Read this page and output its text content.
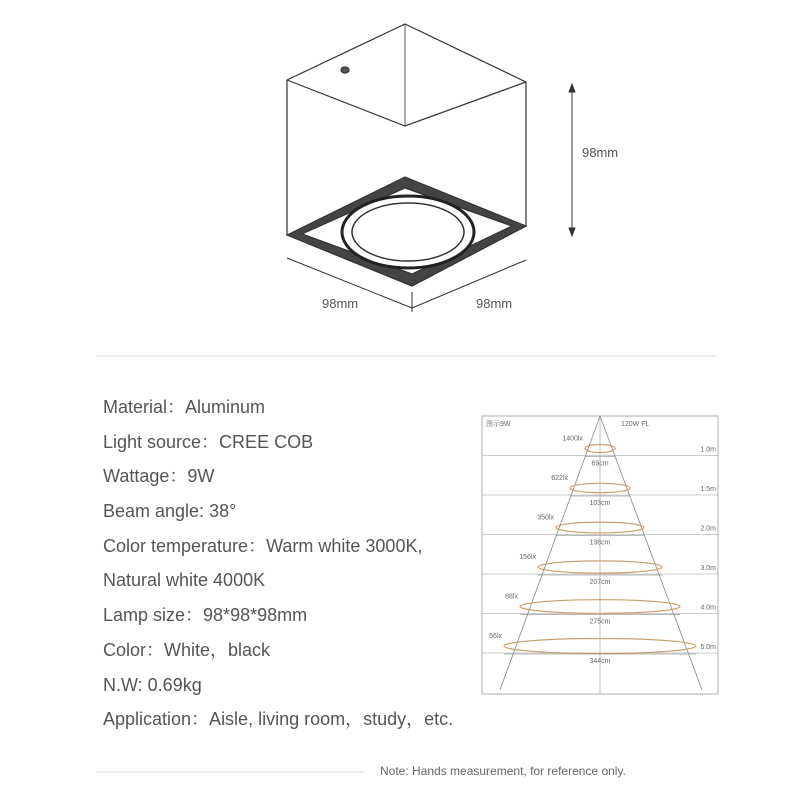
98mm
98mm	98mm
图示9W	120W FL
1.0m
1400lx
69cm
1.5m
622lx
103cm
2.0m
350lx
138cm
3.0m
156lx
207cm
4.0m
88lx
275cm
5.0m
56lx
344cm
Material：Aluminum
Light source：CREE COB
Wattage：9W
Beam angle: 38°
Color temperature：Warm white 3000K,
Natural white 4000K
Lamp size：98*98*98mm
Color：White，black
N.W: 0.69kg
Application：Aisle, living room，study，etc.
Note: Hands measurement, for reference only.
